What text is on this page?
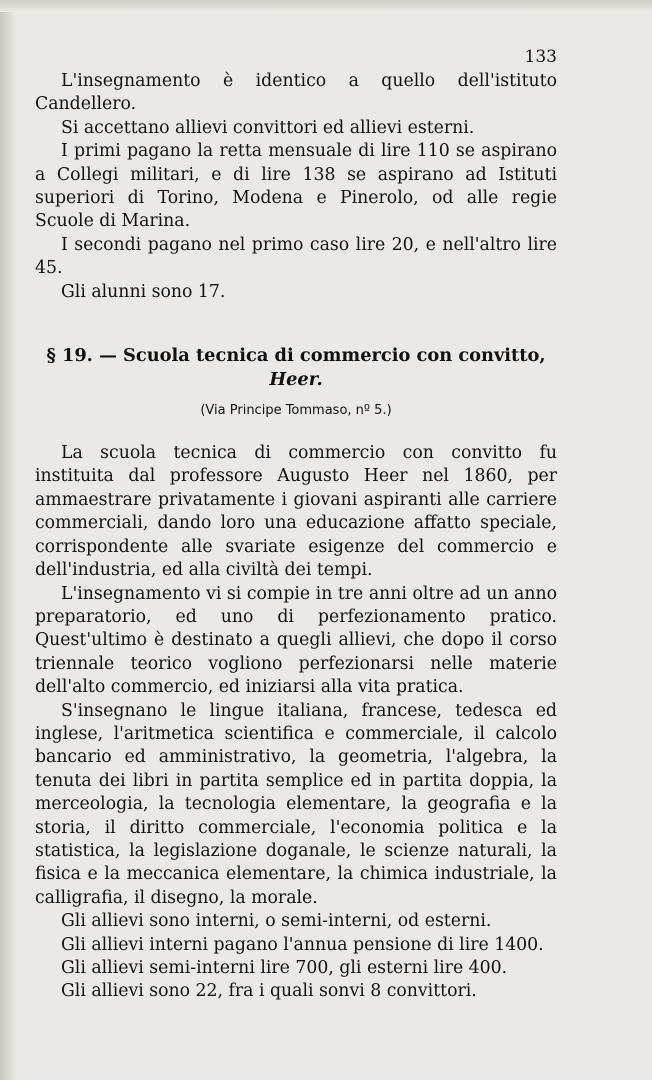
133

L'insegnamento è identico a quello dell'istituto Candellero.

Si accettano allievi convittori ed allievi esterni.

I primi pagano la retta mensuale di lire 110 se aspirano a Collegi militari, e di lire 138 se aspirano ad Istituti superiori di Torino, Modena e Pinerolo, od alle regie Scuole di Marina.

I secondi pagano nel primo caso lire 20, e nell'altro lire 45.

Gli alunni sono 17.

§ 19. — Scuola tecnica di commercio con convitto, Heer.
(Via Principe Tommaso, nº 5.)

La scuola tecnica di commercio con convitto fu instituita dal professore Augusto Heer nel 1860, per ammaestrare privatamente i giovani aspiranti alle carriere commerciali, dando loro una educazione affatto speciale, corrispondente alle svariate esigenze del commercio e dell'industria, ed alla civiltà dei tempi.

L'insegnamento vi si compie in tre anni oltre ad un anno preparatorio, ed uno di perfezionamento pratico. Quest'ultimo è destinato a quegli allievi, che dopo il corso triennale teorico vogliono perfezionarsi nelle materie dell'alto commercio, ed iniziarsi alla vita pratica.

S'insegnano le lingue italiana, francese, tedesca ed inglese, l'aritmetica scientifica e commerciale, il calcolo bancario ed amministrativo, la geometria, l'algebra, la tenuta dei libri in partita semplice ed in partita doppia, la merceologia, la tecnologia elementare, la geografia e la storia, il diritto commerciale, l'economia politica e la statistica, la legislazione doganale, le scienze naturali, la fisica e la meccanica elementare, la chimica industriale, la calligrafia, il disegno, la morale.

Gli allievi sono interni, o semi-interni, od esterni.

Gli allievi interni pagano l'annua pensione di lire 1400.

Gli allievi semi-interni lire 700, gli esterni lire 400.

Gli allievi sono 22, fra i quali sonvi 8 convittori.
